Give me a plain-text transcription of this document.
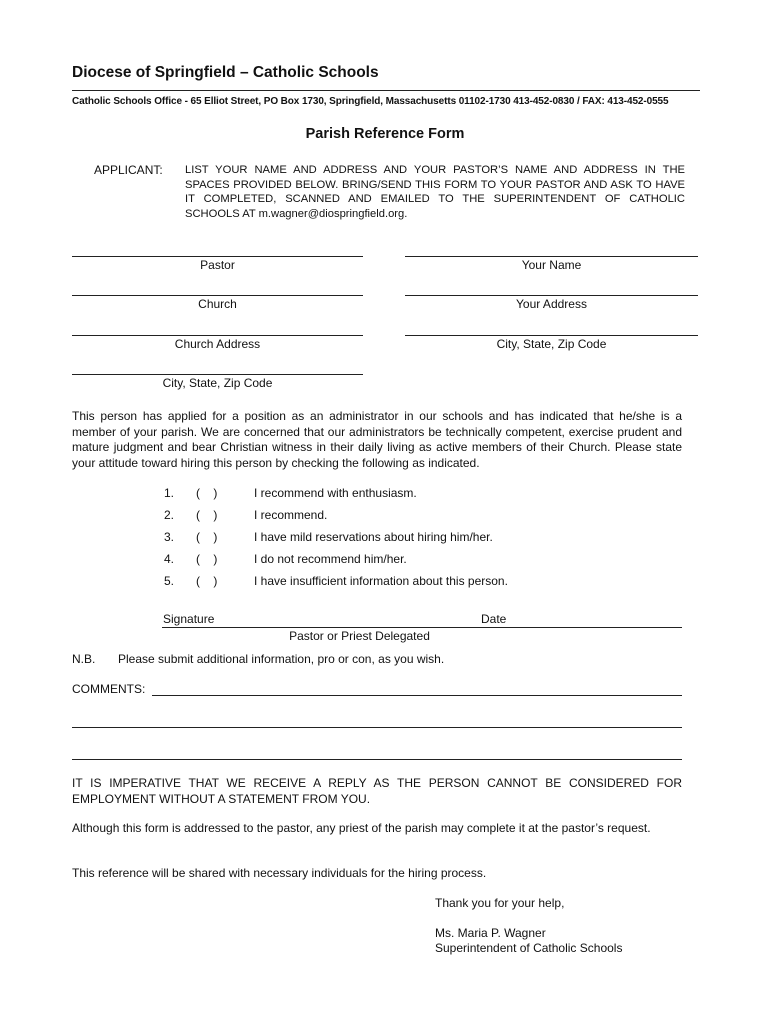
Diocese of Springfield – Catholic Schools
Catholic Schools Office - 65 Elliot Street, PO Box 1730, Springfield, Massachusetts 01102-1730 413-452-0830 / FAX: 413-452-0555
Parish Reference Form
APPLICANT: LIST YOUR NAME AND ADDRESS AND YOUR PASTOR’S NAME AND ADDRESS IN THE SPACES PROVIDED BELOW. BRING/SEND THIS FORM TO YOUR PASTOR AND ASK TO HAVE IT COMPLETED, SCANNED AND EMAILED TO THE SUPERINTENDENT OF CATHOLIC SCHOOLS AT m.wagner@diospringfield.org.
Pastor
Church
Church Address
City, State, Zip Code
Your Name
Your Address
City, State, Zip Code
This person has applied for a position as an administrator in our schools and has indicated that he/she is a member of your parish. We are concerned that our administrators be technically competent, exercise prudent and mature judgment and bear Christian witness in their daily living as active members of their Church. Please state your attitude toward hiring this person by checking the following as indicated.
1. (    )	I recommend with enthusiasm.
2. (    )	I recommend.
3. (    )	I have mild reservations about hiring him/her.
4. (    )	I do not recommend him/her.
5. (    )	I have insufficient information about this person.
Signature	Date
Pastor or Priest Delegated
N.B. Please submit additional information, pro or con, as you wish.
COMMENTS:
IT IS IMPERATIVE THAT WE RECEIVE A REPLY AS THE PERSON CANNOT BE CONSIDERED FOR EMPLOYMENT WITHOUT A STATEMENT FROM YOU.
Although this form is addressed to the pastor, any priest of the parish may complete it at the pastor’s request.
This reference will be shared with necessary individuals for the hiring process.
Thank you for your help,
Ms. Maria P. Wagner
Superintendent of Catholic Schools
